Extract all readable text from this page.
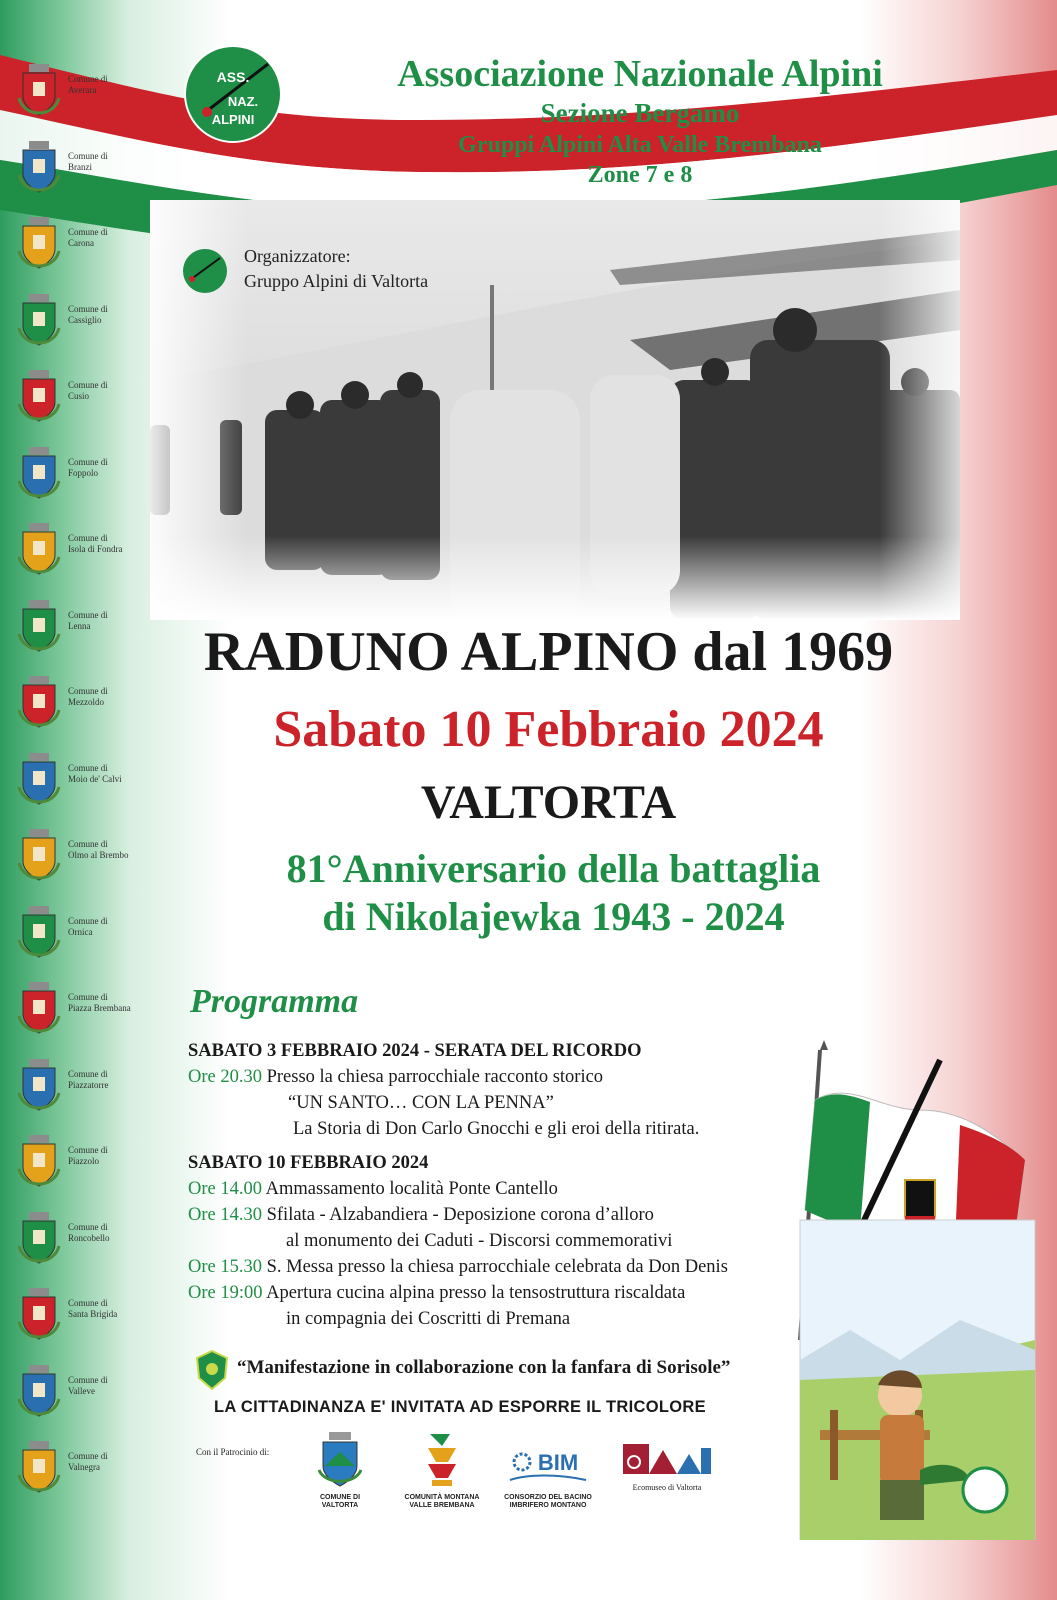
Comune di
Averara
Comune di
Branzi
Comune di
Carona
Comune di
Cassiglio
Comune di
Cusio
Comune di
Foppolo
Comune di
Isola di Fondra
Comune di
Lenna
Comune di
Mezzoldo
Comune di
Moio de' Calvi
Comune di
Olmo al Brembo
Comune di
Ornica
Comune di
Piazza Brembana
Comune di
Piazzatorre
Comune di
Piazzolo
Comune di
Roncobello
Comune di
Santa Brigida
Comune di
Valleve
Comune di
Valnegra
ASS.
NAZ.
ALPINI
Associazione Nazionale Alpini
Sezione Bergamo
Gruppi Alpini Alta Valle Brembana
Zone 7 e 8
Organizzatore:
Gruppo Alpini di Valtorta
RADUNO ALPINO dal 1969
Sabato 10 Febbraio 2024
VALTORTA
81°Anniversario della battaglia
di Nikolajewka 1943 - 2024
Programma
SABATO 3 FEBBRAIO 2024 - SERATA DEL RICORDO
Ore 20.30 Presso la chiesa parrocchiale racconto storico
“UN SANTO… CON LA PENNA”
La Storia di Don Carlo Gnocchi e gli eroi della ritirata.
SABATO 10 FEBBRAIO 2024
Ore 14.00 Ammassamento località Ponte Cantello
Ore 14.30 Sfilata - Alzabandiera - Deposizione corona d’alloro
al monumento dei Caduti - Discorsi commemorativi
Ore 15.30 S. Messa presso la chiesa parrocchiale celebrata da Don Denis
Ore 19:00 Apertura cucina alpina presso la tensostruttura riscaldata
in compagnia dei Coscritti di Premana
“Manifestazione in collaborazione con la fanfara di Sorisole”
LA CITTADINANZA E' INVITATA AD ESPORRE IL TRICOLORE
Con il Patrocinio di:
COMUNE DI
VALTORTA
COMUNITÀ MONTANA
VALLE BREMBANA
BIM
CONSORZIO DEL BACINO
IMBRIFERO MONTANO
Ecomuseo di Valtorta
